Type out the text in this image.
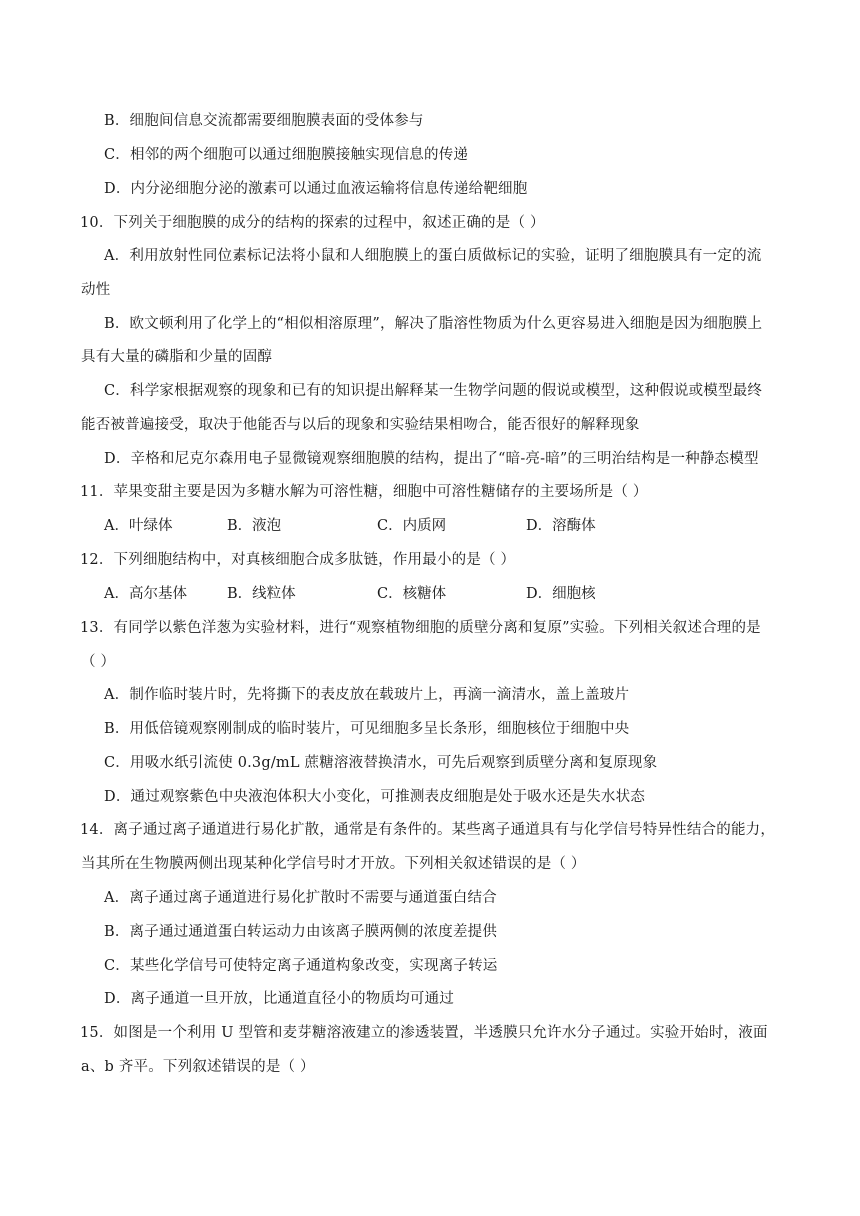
B．细胞间信息交流都需要细胞膜表面的受体参与
C．相邻的两个细胞可以通过细胞膜接触实现信息的传递
D．内分泌细胞分泌的激素可以通过血液运输将信息传递给靶细胞
10．下列关于细胞膜的成分的结构的探索的过程中，叙述正确的是（ ）
A．利用放射性同位素标记法将小鼠和人细胞膜上的蛋白质做标记的实验，证明了细胞膜具有一定的流
动性
B．欧文顿利用了化学上的“相似相溶原理”，解决了脂溶性物质为什么更容易进入细胞是因为细胞膜上
具有大量的磷脂和少量的固醇
C．科学家根据观察的现象和已有的知识提出解释某一生物学问题的假说或模型，这种假说或模型最终
能否被普遍接受，取决于他能否与以后的现象和实验结果相吻合，能否很好的解释现象
D．辛格和尼克尔森用电子显微镜观察细胞膜的结构，提出了“暗-亮-暗”的三明治结构是一种静态模型
11．苹果变甜主要是因为多糖水解为可溶性糖，细胞中可溶性糖储存的主要场所是（ ）
A．叶绿体	B．液泡	C．内质网	D．溶酶体
12．下列细胞结构中，对真核细胞合成多肽链，作用最小的是（ ）
A．高尔基体	B．线粒体	C．核糖体	D．细胞核
13．有同学以紫色洋葱为实验材料，进行“观察植物细胞的质壁分离和复原”实验。下列相关叙述合理的是
（ ）
A．制作临时装片时，先将撕下的表皮放在载玻片上，再滴一滴清水，盖上盖玻片
B．用低倍镜观察刚制成的临时装片，可见细胞多呈长条形，细胞核位于细胞中央
C．用吸水纸引流使 0.3g/mL 蔗糖溶液替换清水，可先后观察到质壁分离和复原现象
D．通过观察紫色中央液泡体积大小变化，可推测表皮细胞是处于吸水还是失水状态
14．离子通过离子通道进行易化扩散，通常是有条件的。某些离子通道具有与化学信号特异性结合的能力，
当其所在生物膜两侧出现某种化学信号时才开放。下列相关叙述错误的是（ ）
A．离子通过离子通道进行易化扩散时不需要与通道蛋白结合
B．离子通过通道蛋白转运动力由该离子膜两侧的浓度差提供
C．某些化学信号可使特定离子通道构象改变，实现离子转运
D．离子通道一旦开放，比通道直径小的物质均可通过
15．如图是一个利用 U 型管和麦芽糖溶液建立的渗透装置，半透膜只允许水分子通过。实验开始时，液面
a、b 齐平。下列叙述错误的是（ ）
